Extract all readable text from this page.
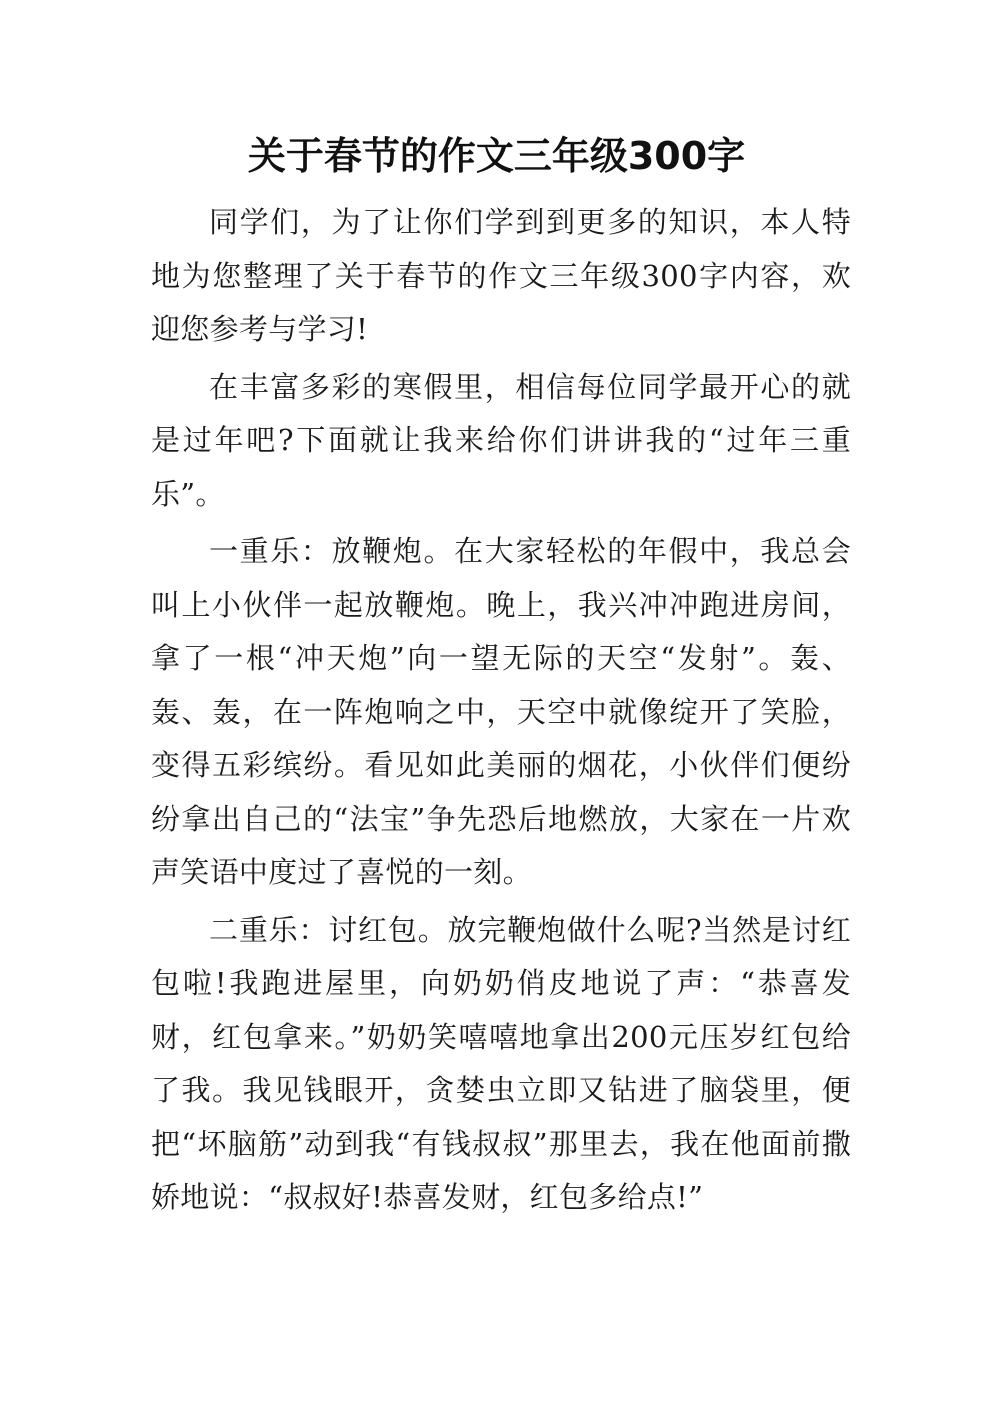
关于春节的作文三年级300字

同学们，为了让你们学到到更多的知识，本人特地为您整理了关于春节的作文三年级300字内容，欢迎您参考与学习!

在丰富多彩的寒假里，相信每位同学最开心的就是过年吧?下面就让我来给你们讲讲我的“过年三重乐”。

一重乐：放鞭炮。在大家轻松的年假中，我总会叫上小伙伴一起放鞭炮。晚上，我兴冲冲跑进房间，拿了一根“冲天炮”向一望无际的天空“发射”。轰、轰、轰，在一阵炮响之中，天空中就像绽开了笑脸，变得五彩缤纷。看见如此美丽的烟花，小伙伴们便纷纷拿出自己的“法宝”争先恐后地燃放，大家在一片欢声笑语中度过了喜悦的一刻。

二重乐：讨红包。放完鞭炮做什么呢?当然是讨红包啦!我跑进屋里，向奶奶俏皮地说了声：“恭喜发财，红包拿来。”奶奶笑嘻嘻地拿出200元压岁红包给了我。我见钱眼开，贪婪虫立即又钻进了脑袋里，便把“坏脑筋”动到我“有钱叔叔”那里去，我在他面前撒娇地说：“叔叔好!恭喜发财，红包多给点!”
